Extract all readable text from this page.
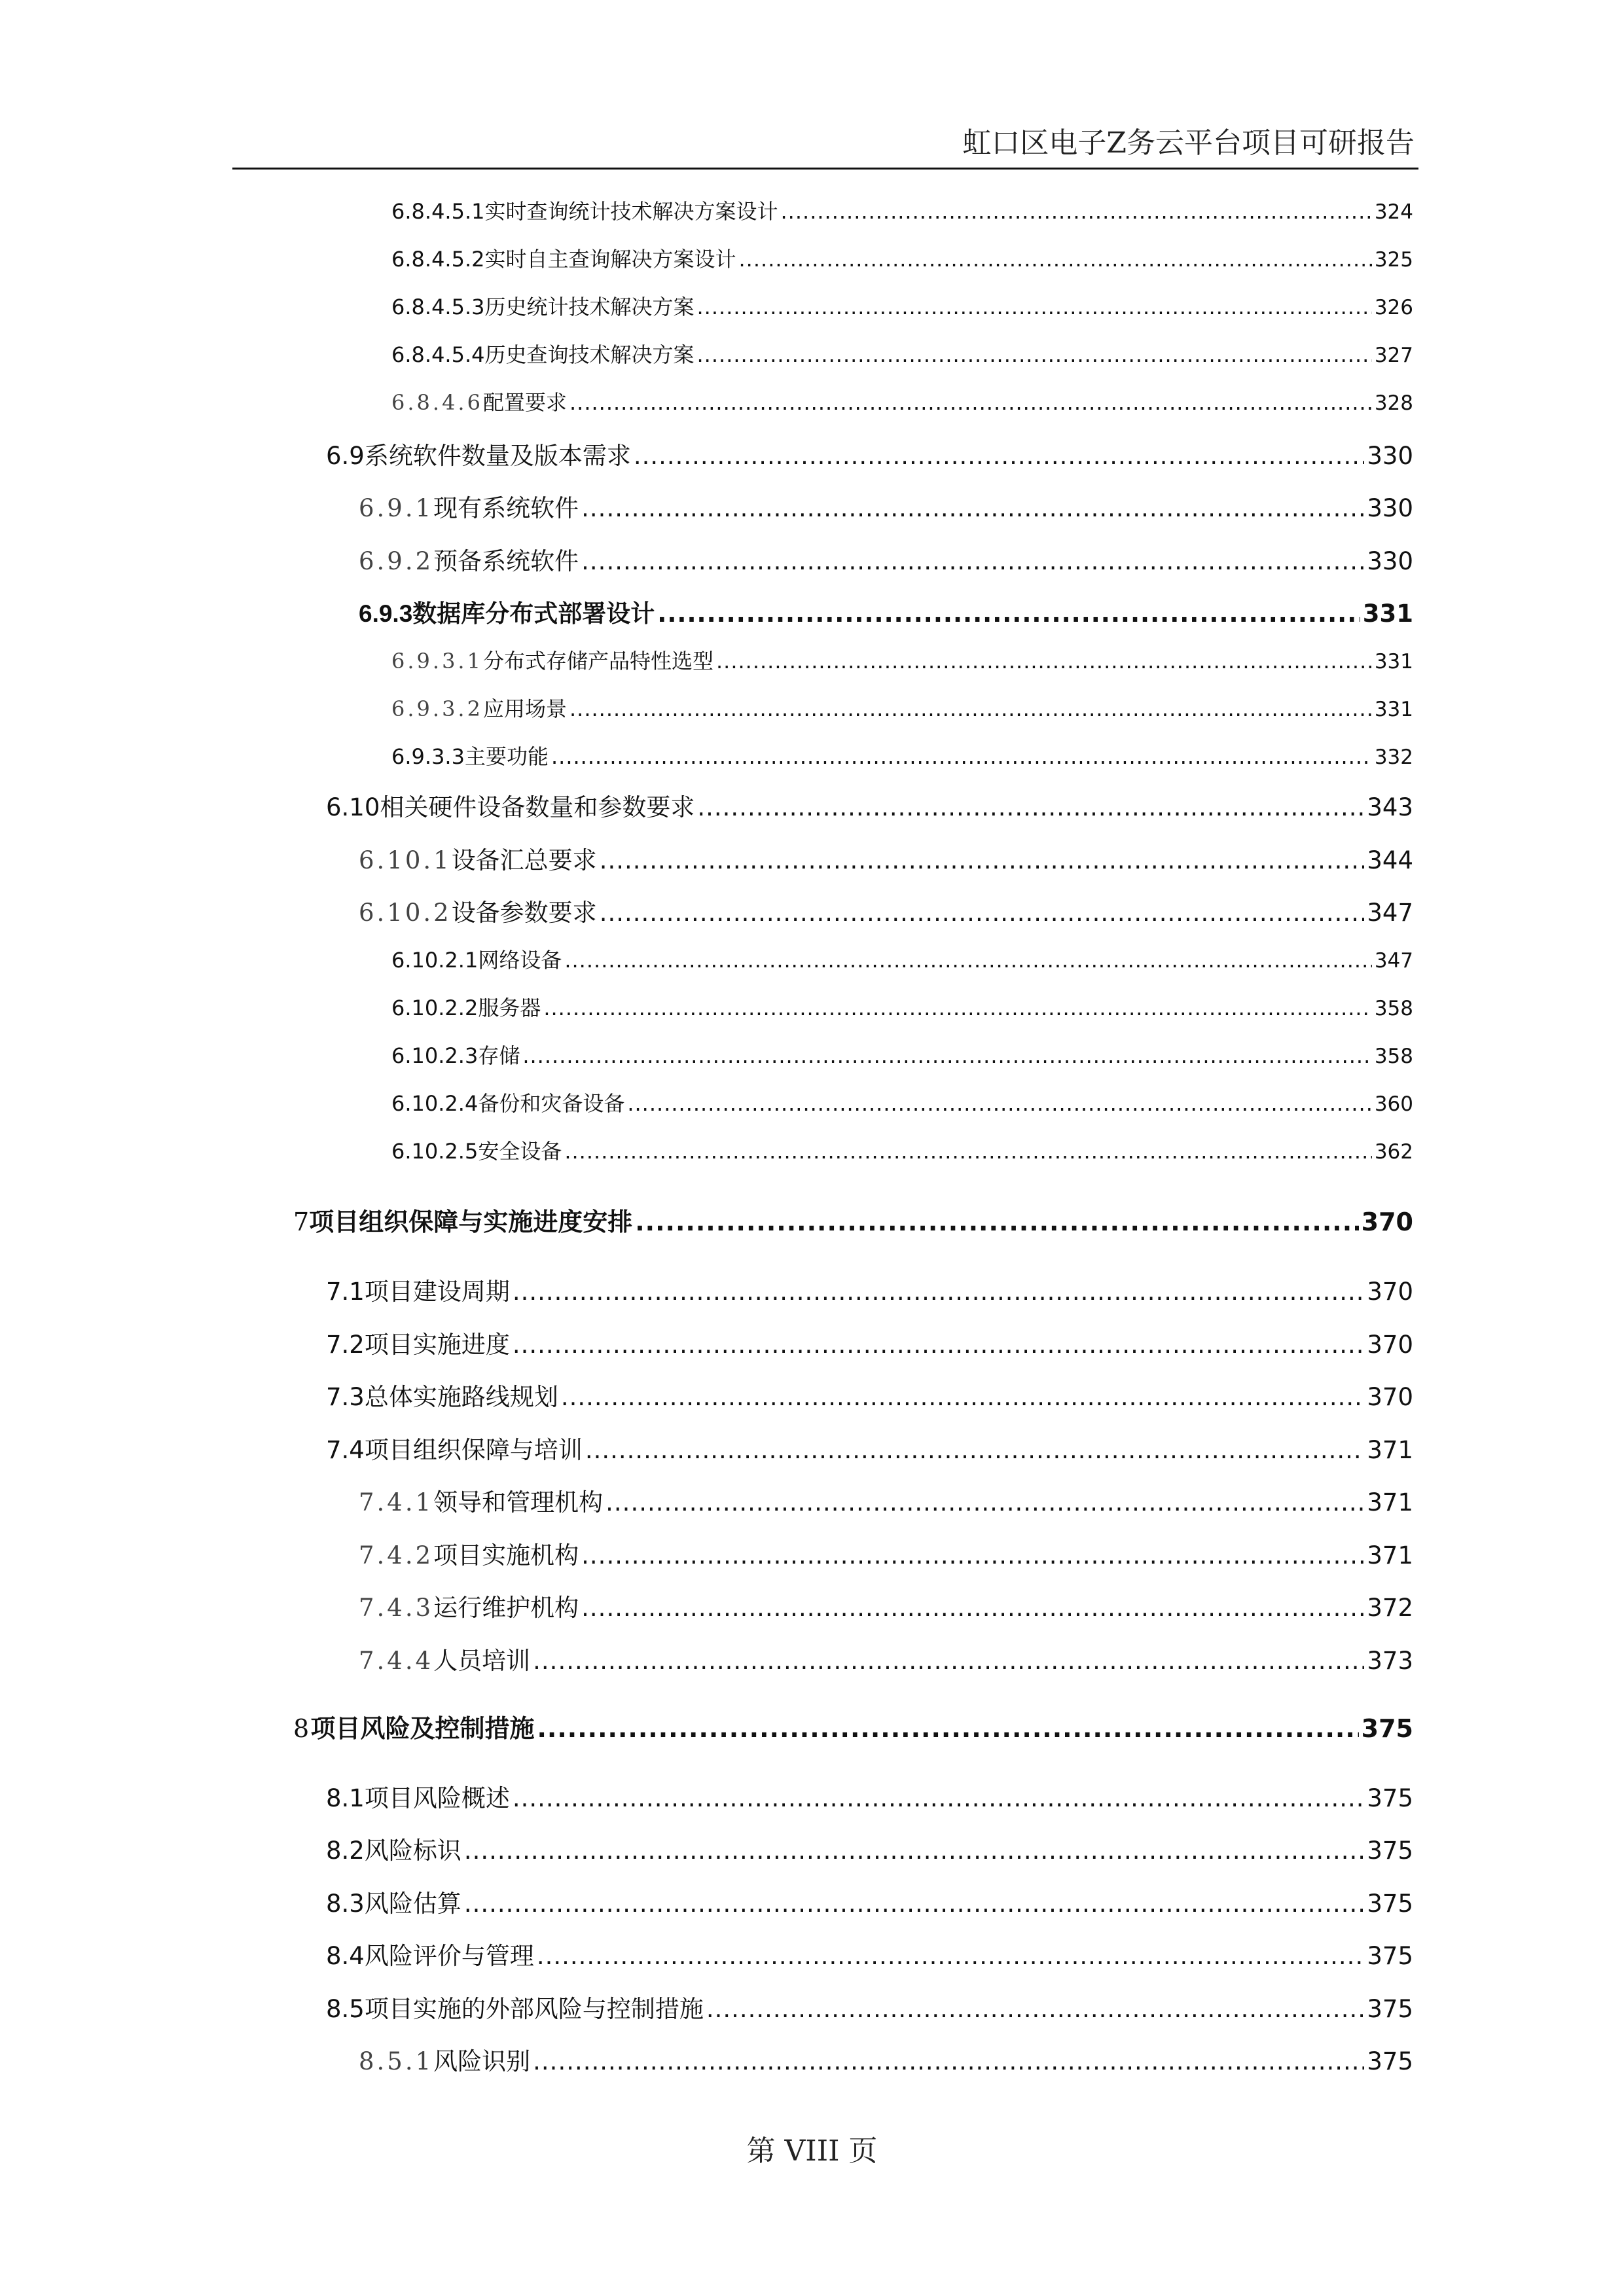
虹口区电子Z务云平台项目可研报告
6.8.4.5.1 实时查询统计技术解决方案设计 .....	324
6.8.4.5.2 实时自主查询解决方案设计 .....	325
6.8.4.5.3 历史统计技术解决方案 .....	326
6.8.4.5.4 历史查询技术解决方案 .....	327
6.8.4.6 配置要求 .....	328
6.9 系统软件数量及版本需求 .....	330
6.9.1 现有系统软件 .....	330
6.9.2 预备系统软件 .....	330
6.9.3 数据库分布式部署设计 .....	331
6.9.3.1 分布式存储产品特性选型 .....	331
6.9.3.2 应用场景 .....	331
6.9.3.3 主要功能 .....	332
6.10 相关硬件设备数量和参数要求 .....	343
6.10.1 设备汇总要求 .....	344
6.10.2 设备参数要求 .....	347
6.10.2.1 网络设备 .....	347
6.10.2.2 服务器 .....	358
6.10.2.3 存储 .....	358
6.10.2.4 备份和灾备设备 .....	360
6.10.2.5 安全设备 .....	362
7 项目组织保障与实施进度安排 .....	370
7.1 项目建设周期 .....	370
7.2 项目实施进度 .....	370
7.3 总体实施路线规划 .....	370
7.4 项目组织保障与培训 .....	371
7.4.1 领导和管理机构 .....	371
7.4.2 项目实施机构 .....	371
7.4.3 运行维护机构 .....	372
7.4.4 人员培训 .....	373
8 项目风险及控制措施 .....	375
8.1 项目风险概述 .....	375
8.2 风险标识 .....	375
8.3 风险估算 .....	375
8.4 风险评价与管理 .....	375
8.5 项目实施的外部风险与控制措施 .....	375
8.5.1 风险识别 .....	375
第 VIII 页
